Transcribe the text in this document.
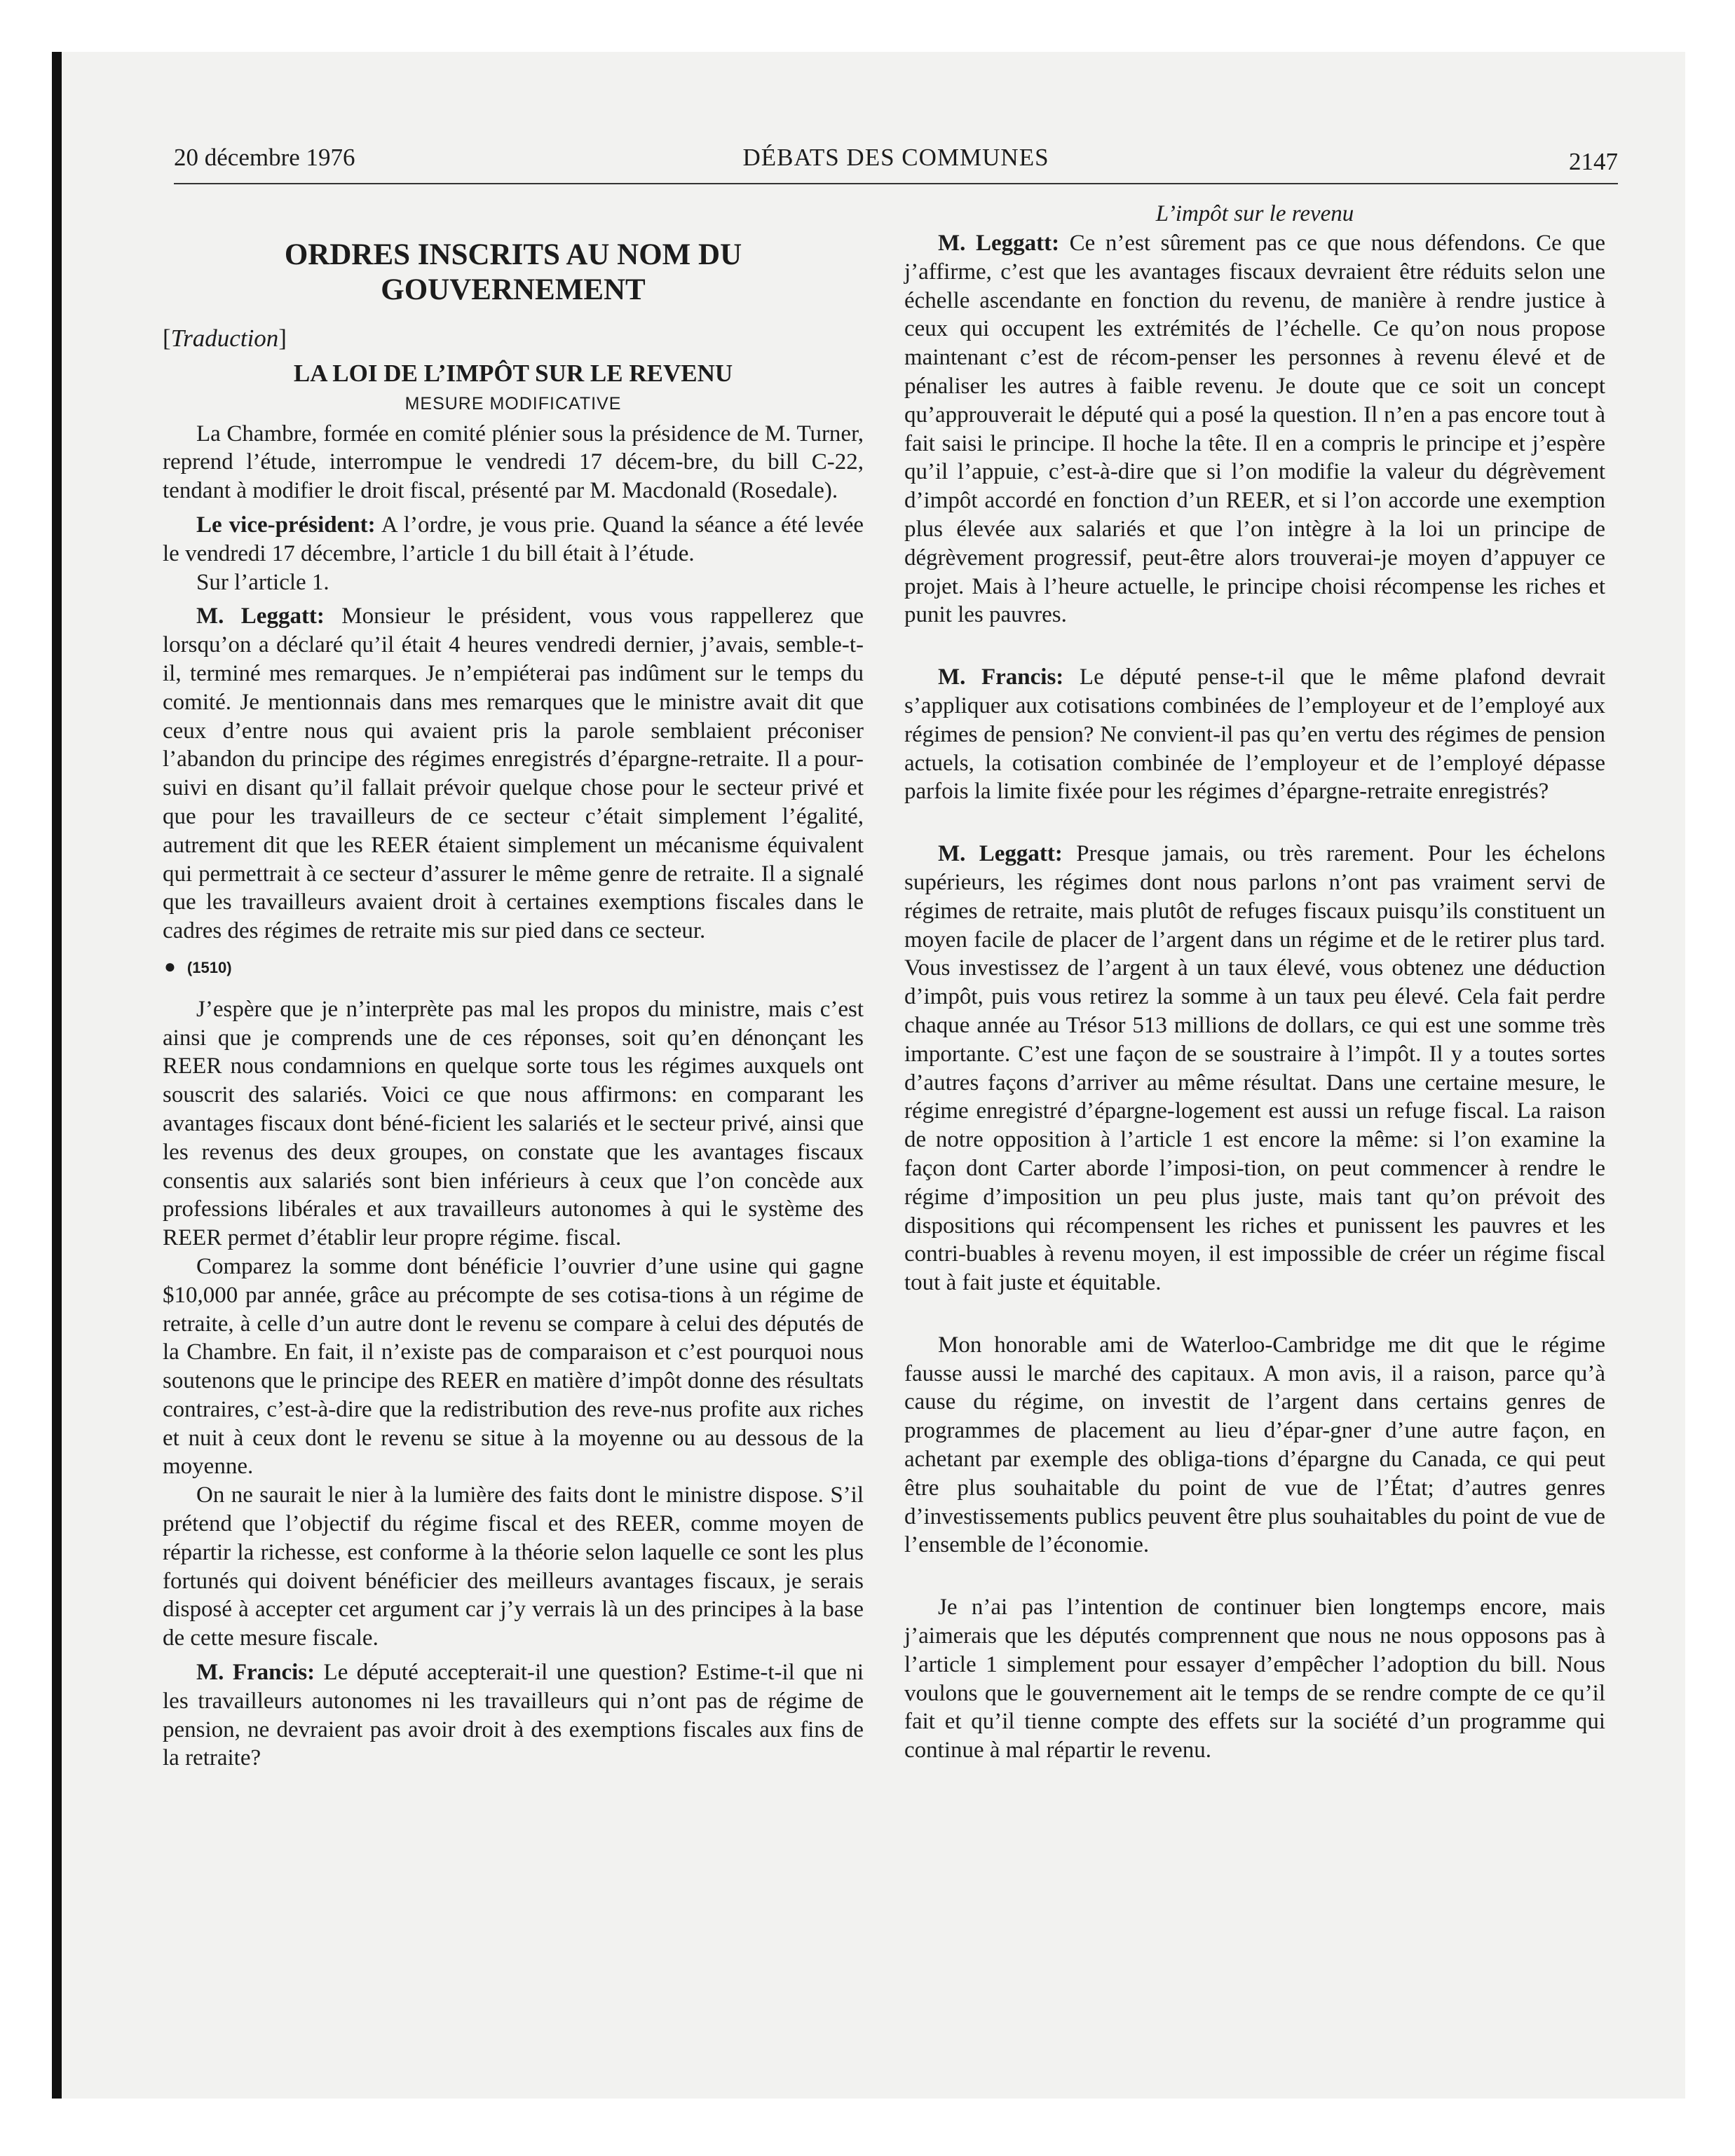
20 décembre 1976	DÉBATS DES COMMUNES	2147
ORDRES INSCRITS AU NOM DU
GOUVERNEMENT
[Traduction]
LA LOI DE L’IMPÔT SUR LE REVENU
MESURE MODIFICATIVE

La Chambre, formée en comité plénier sous la présidence de M. Turner, reprend l’étude, interrompue le vendredi 17 décem-bre, du bill C-22, tendant à modifier le droit fiscal, présenté par M. Macdonald (Rosedale).

Le vice-président: A l’ordre, je vous prie. Quand la séance a été levée le vendredi 17 décembre, l’article 1 du bill était à l’étude.

Sur l’article 1.

M. Leggatt: Monsieur le président, vous vous rappellerez que lorsqu’on a déclaré qu’il était 4 heures vendredi dernier, j’avais, semble-t-il, terminé mes remarques. Je n’empiéterai pas indûment sur le temps du comité. Je mentionnais dans mes remarques que le ministre avait dit que ceux d’entre nous qui avaient pris la parole semblaient préconiser l’abandon du principe des régimes enregistrés d’épargne-retraite. Il a pour-suivi en disant qu’il fallait prévoir quelque chose pour le secteur privé et que pour les travailleurs de ce secteur c’était simplement l’égalité, autrement dit que les REER étaient simplement un mécanisme équivalent qui permettrait à ce secteur d’assurer le même genre de retraite. Il a signalé que les travailleurs avaient droit à certaines exemptions fiscales dans le cadres des régimes de retraite mis sur pied dans ce secteur.

● (1510)

J’espère que je n’interprète pas mal les propos du ministre, mais c’est ainsi que je comprends une de ces réponses, soit qu’en dénonçant les REER nous condamnions en quelque sorte tous les régimes auxquels ont souscrit des salariés. Voici ce que nous affirmons: en comparant les avantages fiscaux dont béné-ficient les salariés et le secteur privé, ainsi que les revenus des deux groupes, on constate que les avantages fiscaux consentis aux salariés sont bien inférieurs à ceux que l’on concède aux professions libérales et aux travailleurs autonomes à qui le système des REER permet d’établir leur propre régime. fiscal.

Comparez la somme dont bénéficie l’ouvrier d’une usine qui gagne $10,000 par année, grâce au précompte de ses cotisa-tions à un régime de retraite, à celle d’un autre dont le revenu se compare à celui des députés de la Chambre. En fait, il n’existe pas de comparaison et c’est pourquoi nous soutenons que le principe des REER en matière d’impôt donne des résultats contraires, c’est-à-dire que la redistribution des reve-nus profite aux riches et nuit à ceux dont le revenu se situe à la moyenne ou au dessous de la moyenne.

On ne saurait le nier à la lumière des faits dont le ministre dispose. S’il prétend que l’objectif du régime fiscal et des REER, comme moyen de répartir la richesse, est conforme à la théorie selon laquelle ce sont les plus fortunés qui doivent bénéficier des meilleurs avantages fiscaux, je serais disposé à accepter cet argument car j’y verrais là un des principes à la base de cette mesure fiscale.

M. Francis: Le député accepterait-il une question? Estime-t-il que ni les travailleurs autonomes ni les travailleurs qui n’ont pas de régime de pension, ne devraient pas avoir droit à des exemptions fiscales aux fins de la retraite?

L’impôt sur le revenu

M. Leggatt: Ce n’est sûrement pas ce que nous défendons. Ce que j’affirme, c’est que les avantages fiscaux devraient être réduits selon une échelle ascendante en fonction du revenu, de manière à rendre justice à ceux qui occupent les extrémités de l’échelle. Ce qu’on nous propose maintenant c’est de récom-penser les personnes à revenu élevé et de pénaliser les autres à faible revenu. Je doute que ce soit un concept qu’approuverait le député qui a posé la question. Il n’en a pas encore tout à fait saisi le principe. Il hoche la tête. Il en a compris le principe et j’espère qu’il l’appuie, c’est-à-dire que si l’on modifie la valeur du dégrèvement d’impôt accordé en fonction d’un REER, et si l’on accorde une exemption plus élevée aux salariés et que l’on intègre à la loi un principe de dégrèvement progressif, peut-être alors trouverai-je moyen d’appuyer ce projet. Mais à l’heure actuelle, le principe choisi récompense les riches et punit les pauvres.

M. Francis: Le député pense-t-il que le même plafond devrait s’appliquer aux cotisations combinées de l’employeur et de l’employé aux régimes de pension? Ne convient-il pas qu’en vertu des régimes de pension actuels, la cotisation combinée de l’employeur et de l’employé dépasse parfois la limite fixée pour les régimes d’épargne-retraite enregistrés?

M. Leggatt: Presque jamais, ou très rarement. Pour les échelons supérieurs, les régimes dont nous parlons n’ont pas vraiment servi de régimes de retraite, mais plutôt de refuges fiscaux puisqu’ils constituent un moyen facile de placer de l’argent dans un régime et de le retirer plus tard. Vous investissez de l’argent à un taux élevé, vous obtenez une déduction d’impôt, puis vous retirez la somme à un taux peu élevé. Cela fait perdre chaque année au Trésor 513 millions de dollars, ce qui est une somme très importante. C’est une façon de se soustraire à l’impôt. Il y a toutes sortes d’autres façons d’arriver au même résultat. Dans une certaine mesure, le régime enregistré d’épargne-logement est aussi un refuge fiscal. La raison de notre opposition à l’article 1 est encore la même: si l’on examine la façon dont Carter aborde l’imposi-tion, on peut commencer à rendre le régime d’imposition un peu plus juste, mais tant qu’on prévoit des dispositions qui récompensent les riches et punissent les pauvres et les contri-buables à revenu moyen, il est impossible de créer un régime fiscal tout à fait juste et équitable.

Mon honorable ami de Waterloo-Cambridge me dit que le régime fausse aussi le marché des capitaux. A mon avis, il a raison, parce qu’à cause du régime, on investit de l’argent dans certains genres de programmes de placement au lieu d’épar-gner d’une autre façon, en achetant par exemple des obliga-tions d’épargne du Canada, ce qui peut être plus souhaitable du point de vue de l’État; d’autres genres d’investissements publics peuvent être plus souhaitables du point de vue de l’ensemble de l’économie.

Je n’ai pas l’intention de continuer bien longtemps encore, mais j’aimerais que les députés comprennent que nous ne nous opposons pas à l’article 1 simplement pour essayer d’empêcher l’adoption du bill. Nous voulons que le gouvernement ait le temps de se rendre compte de ce qu’il fait et qu’il tienne compte des effets sur la société d’un programme qui continue à mal répartir le revenu.
